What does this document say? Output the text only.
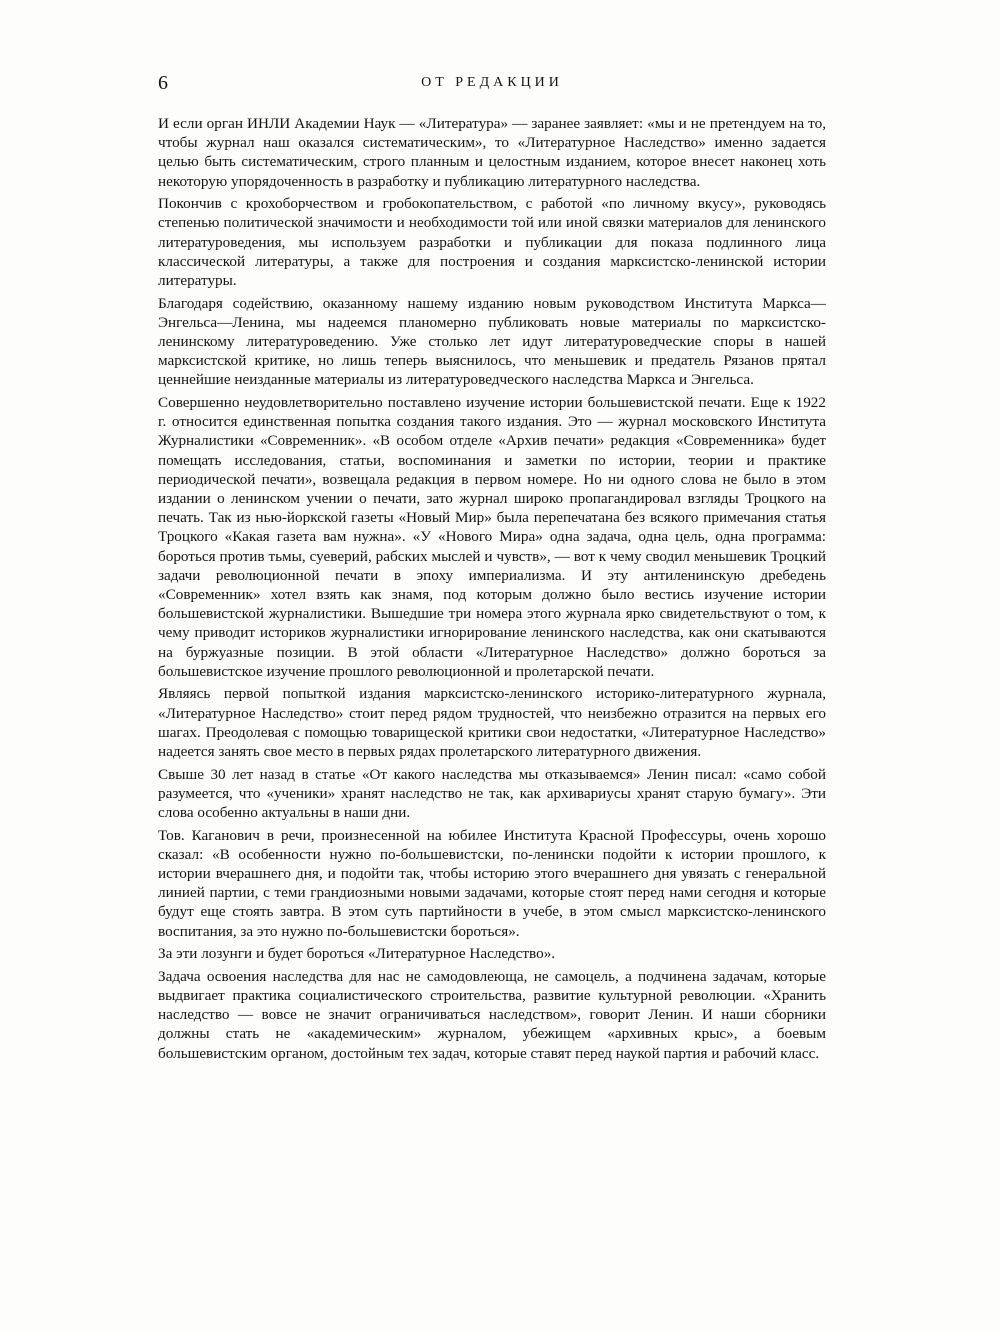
6	ОТ РЕДАКЦИИ

И если орган ИНЛИ Академии Наук — «Литература» — заранее заявляет: «мы и не претендуем на то, чтобы журнал наш оказался систематическим», то «Литературное Наследство» именно задается целью быть систематическим, строго планным и целостным изданием, которое внесет наконец хоть некоторую упорядоченность в разработку и публикацию литературного наследства.

Покончив с крохоборчеством и гробокопательством, с работой «по личному вкусу», руководясь степенью политической значимости и необходимости той или иной связки материалов для ленинского литературоведения, мы используем разработки и публикации для показа подлинного лица классической литературы, а также для построения и создания марксистско-ленинской истории литературы.

Благодаря содействию, оказанному нашему изданию новым руководством Института Маркса—Энгельса—Ленина, мы надеемся планомерно публиковать новые материалы по марксистско-ленинскому литературоведению. Уже столько лет идут литературоведческие споры в нашей марксистской критике, но лишь теперь выяснилось, что меньшевик и предатель Рязанов прятал ценнейшие неизданные материалы из литературоведческого наследства Маркса и Энгельса.

Совершенно неудовлетворительно поставлено изучение истории большевистской печати. Еще к 1922 г. относится единственная попытка создания такого издания. Это — журнал московского Института Журналистики «Современник». «В особом отделе «Архив печати» редакция «Современника» будет помещать исследования, статьи, воспоминания и заметки по истории, теории и практике периодической печати», возвещала редакция в первом номере. Но ни одного слова не было в этом издании о ленинском учении о печати, зато журнал широко пропагандировал взгляды Троцкого на печать. Так из нью-йоркской газеты «Новый Мир» была перепечатана без всякого примечания статья Троцкого «Какая газета вам нужна». «У «Нового Мира» одна задача, одна цель, одна программа: бороться против тьмы, суеверий, рабских мыслей и чувств», — вот к чему сводил меньшевик Троцкий задачи революционной печати в эпоху империализма. И эту антиленинскую дребедень «Современник» хотел взять как знамя, под которым должно было вестись изучение истории большевистской журналистики. Вышедшие три номера этого журнала ярко свидетельствуют о том, к чему приводит историков журналистики игнорирование ленинского наследства, как они скатываются на буржуазные позиции. В этой области «Литературное Наследство» должно бороться за большевистское изучение прошлого революционной и пролетарской печати.

Являясь первой попыткой издания марксистско-ленинского историко-литературного журнала, «Литературное Наследство» стоит перед рядом трудностей, что неизбежно отразится на первых его шагах. Преодолевая с помощью товарищеской критики свои недостатки, «Литературное Наследство» надеется занять свое место в первых рядах пролетарского литературного движения.

Свыше 30 лет назад в статье «От какого наследства мы отказываемся» Ленин писал: «само собой разумеется, что «ученики» хранят наследство не так, как архивариусы хранят старую бумагу». Эти слова особенно актуальны в наши дни.

Тов. Каганович в речи, произнесенной на юбилее Института Красной Профессуры, очень хорошо сказал: «В особенности нужно по-большевистски, по-ленински подойти к истории прошлого, к истории вчерашнего дня, и подойти так, чтобы историю этого вчерашнего дня увязать с генеральной линией партии, с теми грандиозными новыми задачами, которые стоят перед нами сегодня и которые будут еще стоять завтра. В этом суть партийности в учебе, в этом смысл марксистско-ленинского воспитания, за это нужно по-большевистски бороться».

За эти лозунги и будет бороться «Литературное Наследство».

Задача освоения наследства для нас не самодовлеюща, не самоцель, а подчинена задачам, которые выдвигает практика социалистического строительства, развитие культурной революции. «Хранить наследство — вовсе не значит ограничиваться наследством», говорит Ленин. И наши сборники должны стать не «академическим» журналом, убежищем «архивных крыс», а боевым большевистским органом, достойным тех задач, которые ставят перед наукой партия и рабочий класс.
